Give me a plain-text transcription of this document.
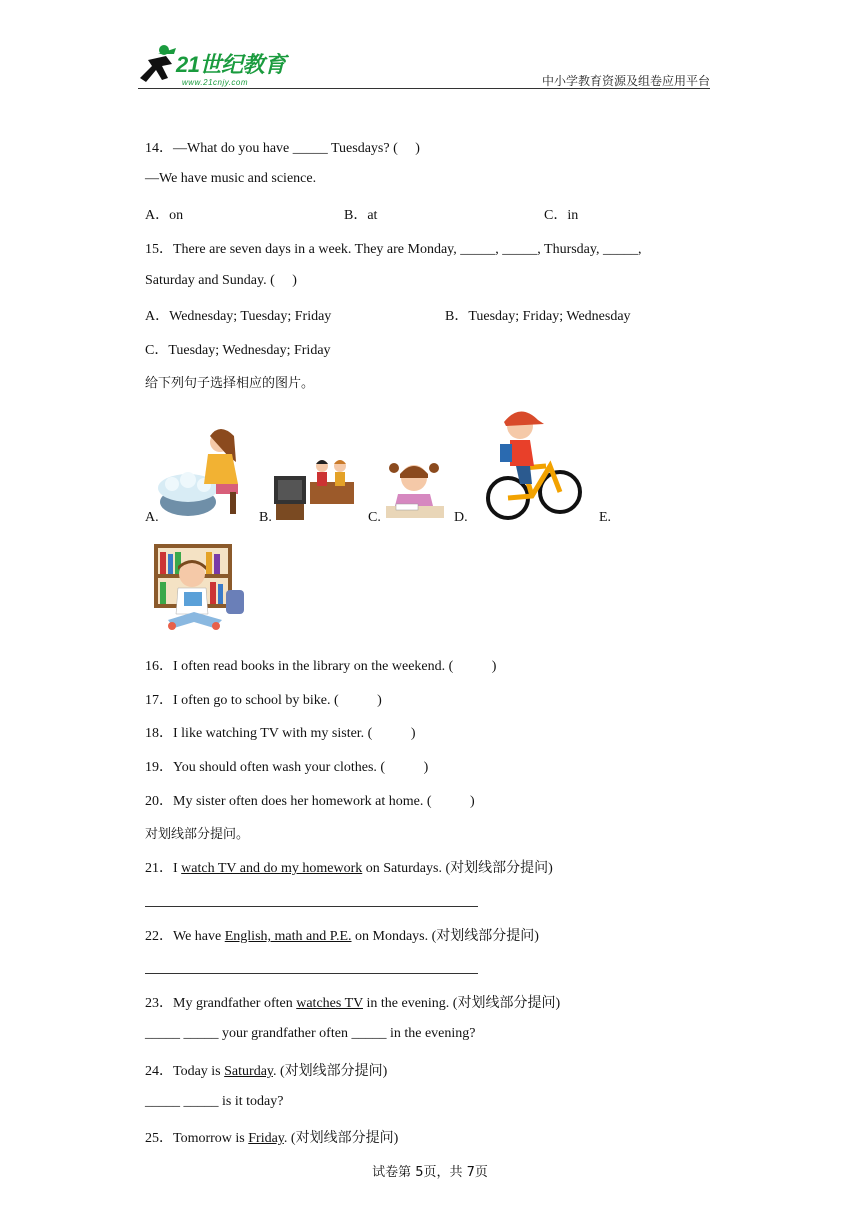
21世纪教育
www.21cnjy.com	中小学教育资源及组卷应用平台
14．—What do you have _____ Tuesdays? (     )
—We have music and science.
A．on	B．at	C．in
15．There are seven days in a week. They are Monday, _____, _____, Thursday, _____,
Saturday and Sunday. (     )
A．Wednesday; Tuesday; Friday	B．Tuesday; Friday; Wednesday
C．Tuesday; Wednesday; Friday
给下列句子选择相应的图片。
A.	B.	C.	D.	E.
16．I often read books in the library on the weekend. (           )
17．I often go to school by bike. (           )
18．I like watching TV with my sister. (           )
19．You should often wash your clothes. (           )
20．My sister often does her homework at home. (           )
对划线部分提问。
21．I watch TV and do my homework on Saturdays. (对划线部分提问)
22．We have English, math and P.E. on Mondays. (对划线部分提问)
23．My grandfather often watches TV in the evening. (对划线部分提问)
_____ _____ your grandfather often _____ in the evening?
24．Today is Saturday. (对划线部分提问)
_____ _____ is it today?
25．Tomorrow is Friday. (对划线部分提问)
试卷第 5页，共 7页
